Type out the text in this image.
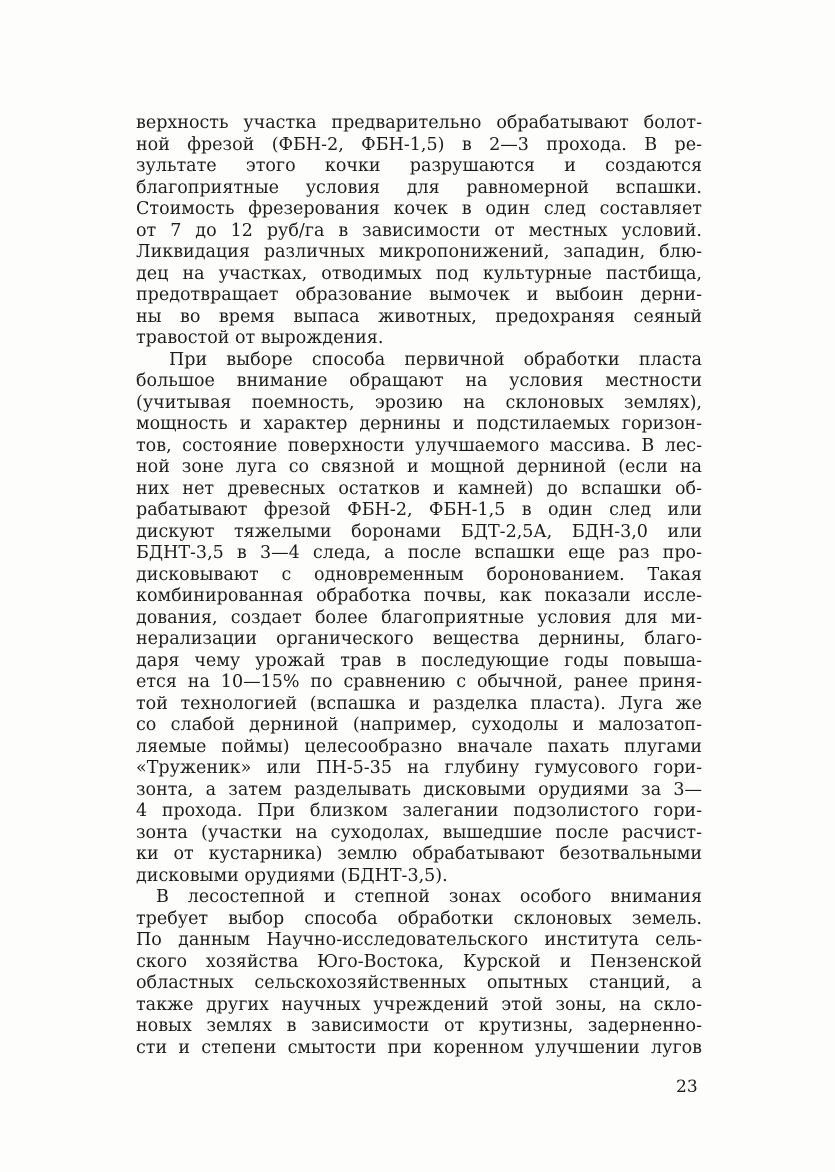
верхность участка предварительно обрабатывают болот-
ной фрезой (ФБН-2, ФБН-1,5) в 2—3 прохода. В ре-
зультате этого кочки разрушаются и создаются
благоприятные условия для равномерной вспашки.
Стоимость фрезерования кочек в один след составляет
от 7 до 12 руб/га в зависимости от местных условий.
Ликвидация различных микропонижений, западин, блю-
дец на участках, отводимых под культурные пастбища,
предотвращает образование вымочек и выбоин дерни-
ны во время выпаса животных, предохраняя сеяный
травостой от вырождения.
При выборе способа первичной обработки пласта
большое внимание обращают на условия местности
(учитывая поемность, эрозию на склоновых землях),
мощность и характер дернины и подстилаемых горизон-
тов, состояние поверхности улучшаемого массива. В лес-
ной зоне луга со связной и мощной дерниной (если на
них нет древесных остатков и камней) до вспашки об-
рабатывают фрезой ФБН-2, ФБН-1,5 в один след или
дискуют тяжелыми боронами БДТ-2,5А, БДН-3,0 или
БДНТ-3,5 в 3—4 следа, а после вспашки еще раз про-
дисковывают с одновременным боронованием. Такая
комбинированная обработка почвы, как показали иссле-
дования, создает более благоприятные условия для ми-
нерализации органического вещества дернины, благо-
даря чему урожай трав в последующие годы повыша-
ется на 10—15% по сравнению с обычной, ранее приня-
той технологией (вспашка и разделка пласта). Луга же
со слабой дерниной (например, суходолы и малозатоп-
ляемые поймы) целесообразно вначале пахать плугами
«Труженик» или ПН-5-35 на глубину гумусового гори-
зонта, а затем разделывать дисковыми орудиями за 3—
4 прохода. При близком залегании подзолистого гори-
зонта (участки на суходолах, вышедшие после расчист-
ки от кустарника) землю обрабатывают безотвальными
дисковыми орудиями (БДНТ-3,5).
В лесостепной и степной зонах особого внимания
требует выбор способа обработки склоновых земель.
По данным Научно-исследовательского института сель-
ского хозяйства Юго-Востока, Курской и Пензенской
областных сельскохозяйственных опытных станций, а
также других научных учреждений этой зоны, на скло-
новых землях в зависимости от крутизны, задерненно-
сти и степени смытости при коренном улучшении лугов
23
